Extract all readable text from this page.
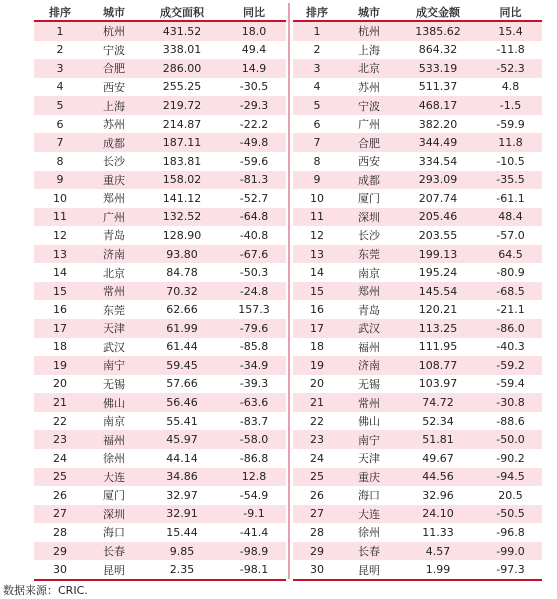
排序	城市	成交面积	同比
1	杭州	431.52	18.0
2	宁波	338.01	49.4
3	合肥	286.00	14.9
4	西安	255.25	-30.5
5	上海	219.72	-29.3
6	苏州	214.87	-22.2
7	成都	187.11	-49.8
8	长沙	183.81	-59.6
9	重庆	158.02	-81.3
10	郑州	141.12	-52.7
11	广州	132.52	-64.8
12	青岛	128.90	-40.8
13	济南	93.80	-67.6
14	北京	84.78	-50.3
15	常州	70.32	-24.8
16	东莞	62.66	157.3
17	天津	61.99	-79.6
18	武汉	61.44	-85.8
19	南宁	59.45	-34.9
20	无锡	57.66	-39.3
21	佛山	56.46	-63.6
22	南京	55.41	-83.7
23	福州	45.97	-58.0
24	徐州	44.14	-86.8
25	大连	34.86	12.8
26	厦门	32.97	-54.9
27	深圳	32.91	-9.1
28	海口	15.44	-41.4
29	长春	9.85	-98.9
30	昆明	2.35	-98.1
排序	城市	成交金额	同比
1	杭州	1385.62	15.4
2	上海	864.32	-11.8
3	北京	533.19	-52.3
4	苏州	511.37	4.8
5	宁波	468.17	-1.5
6	广州	382.20	-59.9
7	合肥	344.49	11.8
8	西安	334.54	-10.5
9	成都	293.09	-35.5
10	厦门	207.74	-61.1
11	深圳	205.46	48.4
12	长沙	203.55	-57.0
13	东莞	199.13	64.5
14	南京	195.24	-80.9
15	郑州	145.54	-68.5
16	青岛	120.21	-21.1
17	武汉	113.25	-86.0
18	福州	111.95	-40.3
19	济南	108.77	-59.2
20	无锡	103.97	-59.4
21	常州	74.72	-30.8
22	佛山	52.34	-88.6
23	南宁	51.81	-50.0
24	天津	49.67	-90.2
25	重庆	44.56	-94.5
26	海口	32.96	20.5
27	大连	24.10	-50.5
28	徐州	11.33	-96.8
29	长春	4.57	-99.0
30	昆明	1.99	-97.3
数据来源：CRIC.
